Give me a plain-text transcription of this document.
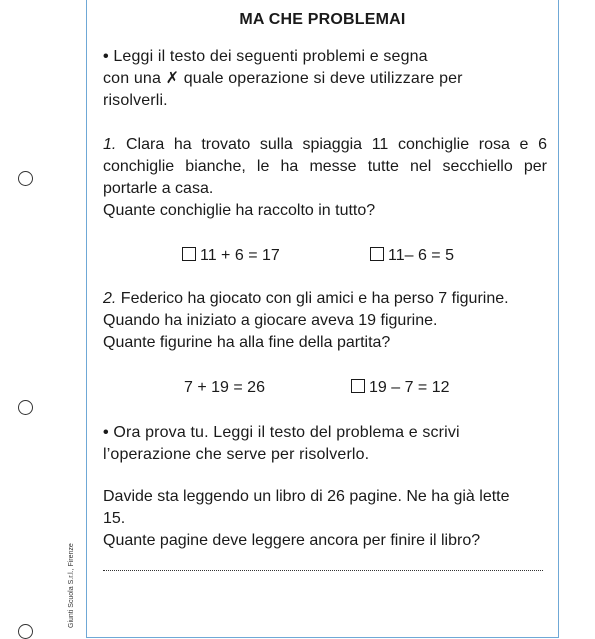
Giunti Scuola S.r.l., Firenze
MA CHE PROBLEMAI
• Leggi il testo dei seguenti problemi e segna
con una ✗ quale operazione si deve utilizzare per
risolverli.
1. Clara ha trovato sulla spiaggia 11 conchiglie rosa e 6
conchiglie bianche, le ha messe tutte nel secchiello per
portarle a casa.
Quante conchiglie ha raccolto in tutto?
11 + 6 = 17	11– 6 = 5
2. Federico ha giocato con gli amici e ha perso 7 figurine.
Quando ha iniziato a giocare aveva 19 figurine.
Quante figurine ha alla fine della partita?
7 + 19 = 26	19 – 7 = 12
• Ora prova tu. Leggi il testo del problema e scrivi
l’operazione che serve per risolverlo.
Davide sta leggendo un libro di 26 pagine. Ne ha già lette
15.
Quante pagine deve leggere ancora per finire il libro?
